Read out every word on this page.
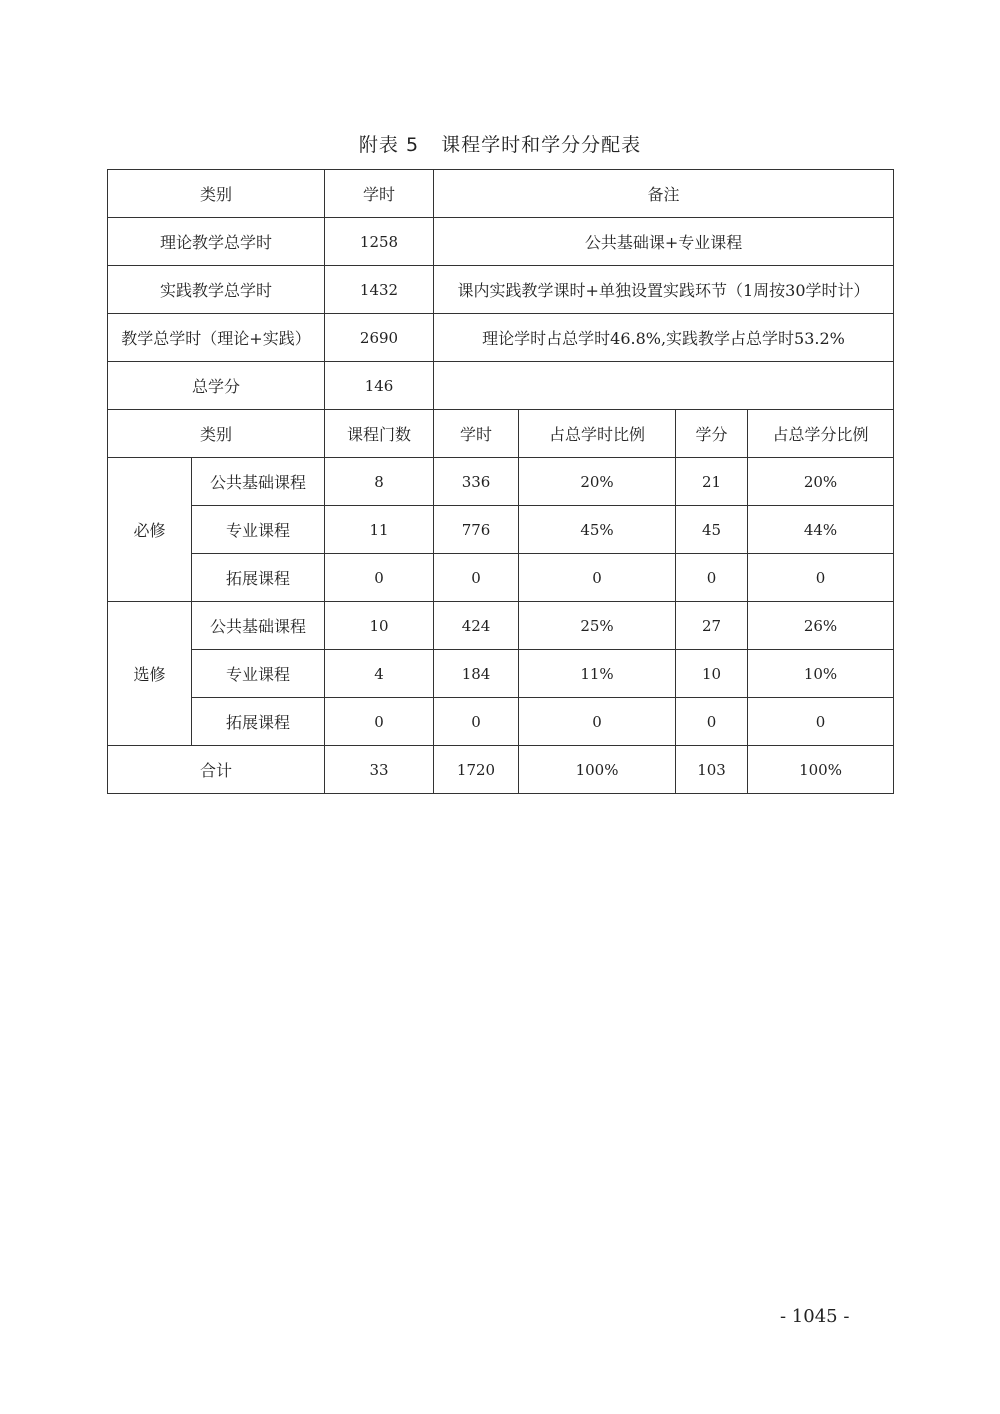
附表 5 课程学时和学分分配表
类别		学时	备注			
理论教学总学时		1258	公共基础课+专业课程			
实践教学总学时		1432	课内实践教学课时+单独设置实践环节（1周按30学时计）			
教学总学时（理论+实践）		2690	理论学时占总学时46.8%,实践教学占总学时53.2%			
总学分		146				
类别		课程门数	学时	占总学时比例	学分	占总学分比例
必修	公共基础课程	8	336	20%	21	20%
	专业课程	11	776	45%	45	44%
	拓展课程	0	0	0	0	0
选修	公共基础课程	10	424	25%	27	26%
	专业课程	4	184	11%	10	10%
	拓展课程	0	0	0	0	0
合计		33	1720	100%	103	100%
- 1045 -
